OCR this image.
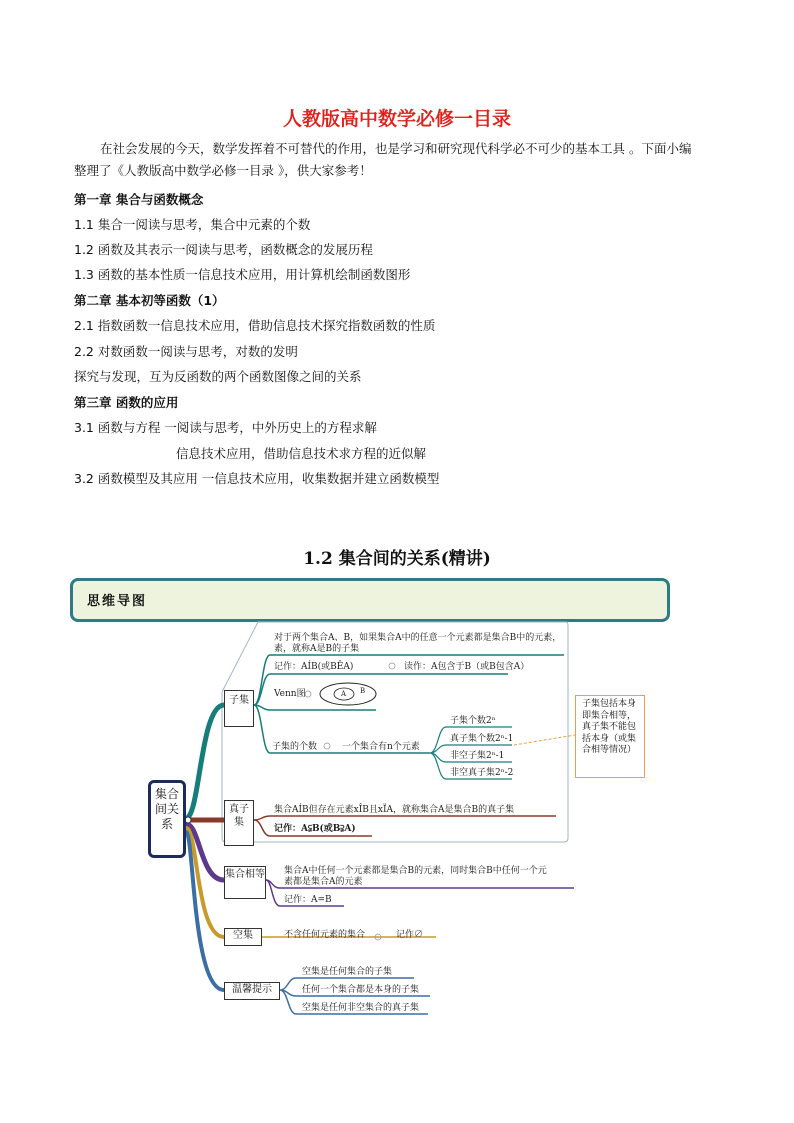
人教版高中数学必修一目录
在社会发展的今天，数学发挥着不可替代的作用，也是学习和研究现代科学必不可少的基本工具 。下面小编
整理了《人教版高中数学必修一目录 》，供大家参考！
第一章 集合与函数概念
1.1 集合一阅读与思考，集合中元素的个数
1.2 函数及其表示一阅读与思考，函数概念的发展历程
1.3 函数的基本性质一信息技术应用，用计算机绘制函数图形
第二章 基本初等函数（1）
2.1 指数函数一信息技术应用，借助信息技术探究指数函数的性质
2.2 对数函数一阅读与思考，对数的发明
探究与发现，互为反函数的两个函数图像之间的关系
第三章 函数的应用
3.1 函数与方程 一阅读与思考，中外历史上的方程求解
信息技术应用，借助信息技术求方程的近似解
3.2 函数模型及其应用 一信息技术应用，收集数据并建立函数模型
1.2 集合间的关系(精讲)
思维导图
集合间关系
子集
对于两个集合A、B，如果集合A中的任意一个元素都是集合B中的元素，
素，就称A是B的子集
记作：AÍB(或BÊA)	读作：A包含于B（或B包含A）
Venn图	A B
子集的个数	一个集合有n个元素
子集个数2ⁿ
真子集个数2ⁿ-1
非空子集2ⁿ-1
非空真子集2ⁿ-2
子集包括本身即集合相等，真子集不能包括本身（或集合相等情况）
真子集
集合AÍB但存在元素xÎB且xÏA，就称集合A是集合B的真子集
记作：A⫋B(或B⫌A)
集合相等 集合A中任何一个元素都是集合B的元素，同时集合B中任何一个元
素都是集合A的元素
记作：A=B
空集	不含任何元素的集合	记作∅
温馨提示
空集是任何集合的子集
任何一个集合都是本身的子集
空集是任何非空集合的真子集
